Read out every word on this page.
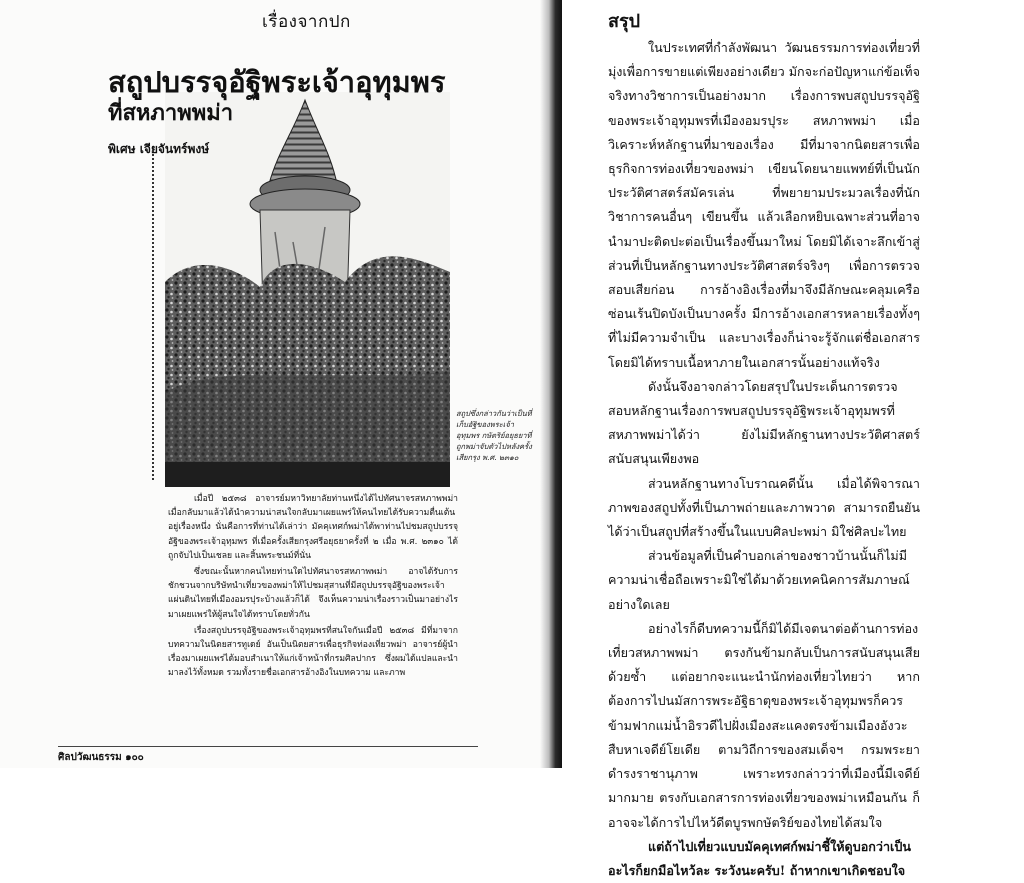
เรื่องจากปก
สถูปบรรจุอัฐิพระเจ้าอุทุมพร
ที่สหภาพพม่า
พิเศษ เจียจันทร์พงษ์
สถูปซึ่งกล่าวกันว่าเป็นที่เก็บอัฐิของพระเจ้าอุทุมพร กษัตริย์อยุธยาที่ถูกพม่าจับตัวไปหลังครั้งเสียกรุง พ.ศ. ๒๓๑๐

เมื่อปี ๒๕๓๘ อาจารย์มหาวิทยาลัยท่านหนึ่งได้ไปทัศนาจรสหภาพพม่า เมื่อกลับมาแล้วได้นำความน่าสนใจกลับมาเผยแพร่ให้คนไทยได้รับความตื่นเต้นอยู่เรื่องหนึ่ง นั่นคือการที่ท่านได้เล่าว่า มัคคุเทศก์พม่าได้พาท่านไปชมสถูปบรรจุอัฐิของพระเจ้าอุทุมพร ที่เมื่อครั้งเสียกรุงศรีอยุธยาครั้งที่ ๒ เมื่อ พ.ศ. ๒๓๑๐ ได้ถูกจับไปเป็นเชลย และสิ้นพระชนม์ที่นั่น

ซึ่งขณะนั้นหากคนไทยท่านใดไปทัศนาจรสหภาพพม่า อาจได้รับการชักชวนจากบริษัทนำเที่ยวของพม่าให้ไปชมสุสานที่มีสถูปบรรจุอัฐิของพระเจ้าแผ่นดินไทยที่เมืองอมรปุระบ้างแล้วก็ได้ จึงเห็นความน่าเรื่องราวเป็นมาอย่างไรมาเผยแพร่ให้ผู้สนใจได้ทราบโดยทั่วกัน

เรื่องสถูปบรรจุอัฐิของพระเจ้าอุทุมพรที่สนใจกันเมื่อปี ๒๕๓๘ มีที่มาจากบทความในนิตยสารทูเดย์ อันเป็นนิตยสารเพื่อธุรกิจท่องเที่ยวพม่า อาจารย์ผู้นำเรื่องมาเผยแพร่ได้มอบสำเนาให้แก่เจ้าหน้าที่กรมศิลปากร ซึ่งผมได้แปลและนำมาลงไว้ทั้งหมด รวมทั้งรายชื่อเอกสารอ้างอิงในบทความ และภาพ

ศิลปวัฒนธรรม ๑๐๐
สรุป

ในประเทศที่กำลังพัฒนา วัฒนธรรมการท่องเที่ยวที่มุ่งเพื่อการขายแต่เพียงอย่างเดียว มักจะก่อปัญหาแก่ข้อเท็จจริงทางวิชาการเป็นอย่างมาก เรื่องการพบสถูปบรรจุอัฐิของพระเจ้าอุทุมพรที่เมืองอมรปุระ สหภาพพม่า เมื่อวิเคราะห์หลักฐานที่มาของเรื่อง มีที่มาจากนิตยสารเพื่อธุรกิจการท่องเที่ยวของพม่า เขียนโดยนายแพทย์ที่เป็นนักประวัติศาสตร์สมัครเล่น ที่พยายามประมวลเรื่องที่นักวิชาการคนอื่นๆ เขียนขึ้น แล้วเลือกหยิบเฉพาะส่วนที่อาจนำมาปะติดปะต่อเป็นเรื่องขึ้นมาใหม่ โดยมิได้เจาะลึกเข้าสู่ส่วนที่เป็นหลักฐานทางประวัติศาสตร์จริงๆ เพื่อการตรวจสอบเสียก่อน การอ้างอิงเรื่องที่มาจึงมีลักษณะคลุมเครือ ซ่อนเร้นปิดบังเป็นบางครั้ง มีการอ้างเอกสารหลายเรื่องทั้งๆ ที่ไม่มีความจำเป็น และบางเรื่องก็น่าจะรู้จักแต่ชื่อเอกสาร โดยมิได้ทราบเนื้อหาภายในเอกสารนั้นอย่างแท้จริง

ดังนั้นจึงอาจกล่าวโดยสรุปในประเด็นการตรวจสอบหลักฐานเรื่องการพบสถูปบรรจุอัฐิพระเจ้าอุทุมพรที่สหภาพพม่าได้ว่า ยังไม่มีหลักฐานทางประวัติศาสตร์สนับสนุนเพียงพอ

ส่วนหลักฐานทางโบราณคดีนั้น เมื่อได้พิจารณาภาพของสถูปทั้งที่เป็นภาพถ่ายและภาพวาด สามารถยืนยันได้ว่าเป็นสถูปที่สร้างขึ้นในแบบศิลปะพม่า มิใช่ศิลปะไทย

ส่วนข้อมูลที่เป็นคำบอกเล่าของชาวบ้านนั้นก็ไม่มีความน่าเชื่อถือเพราะมิใช่ได้มาด้วยเทคนิคการสัมภาษณ์อย่างใดเลย

อย่างไรก็ดีบทความนี้ก็มิได้มีเจตนาต่อต้านการท่องเที่ยวสหภาพพม่า ตรงกันข้ามกลับเป็นการสนับสนุนเสียด้วยซ้ำ แต่อยากจะแนะนำนักท่องเที่ยวไทยว่า หากต้องการไปนมัสการพระอัฐิธาตุของพระเจ้าอุทุมพรก็ควรข้ามฟากแม่น้ำอิรวดีไปฝั่งเมืองสะแคงตรงข้ามเมืองอังวะ สืบหาเจดีย์โยเดีย ตามวิถีการของสมเด็จฯ กรมพระยาดำรงราชานุภาพ เพราะทรงกล่าวว่าที่เมืองนี้มีเจดีย์มากมาย ตรงกับเอกสารการท่องเที่ยวของพม่าเหมือนกัน ก็อาจจะได้การไปไหว้ดีตบูรพกษัตริย์ของไทยได้สมใจ

แต่ถ้าไปเที่ยวแบบมัคคุเทศก์พม่าชี้ให้ดูบอกว่าเป็นอะไรก็ยกมือไหว้ละ ระวังนะครับ! ถ้าหากเขาเกิดชอบใจ
